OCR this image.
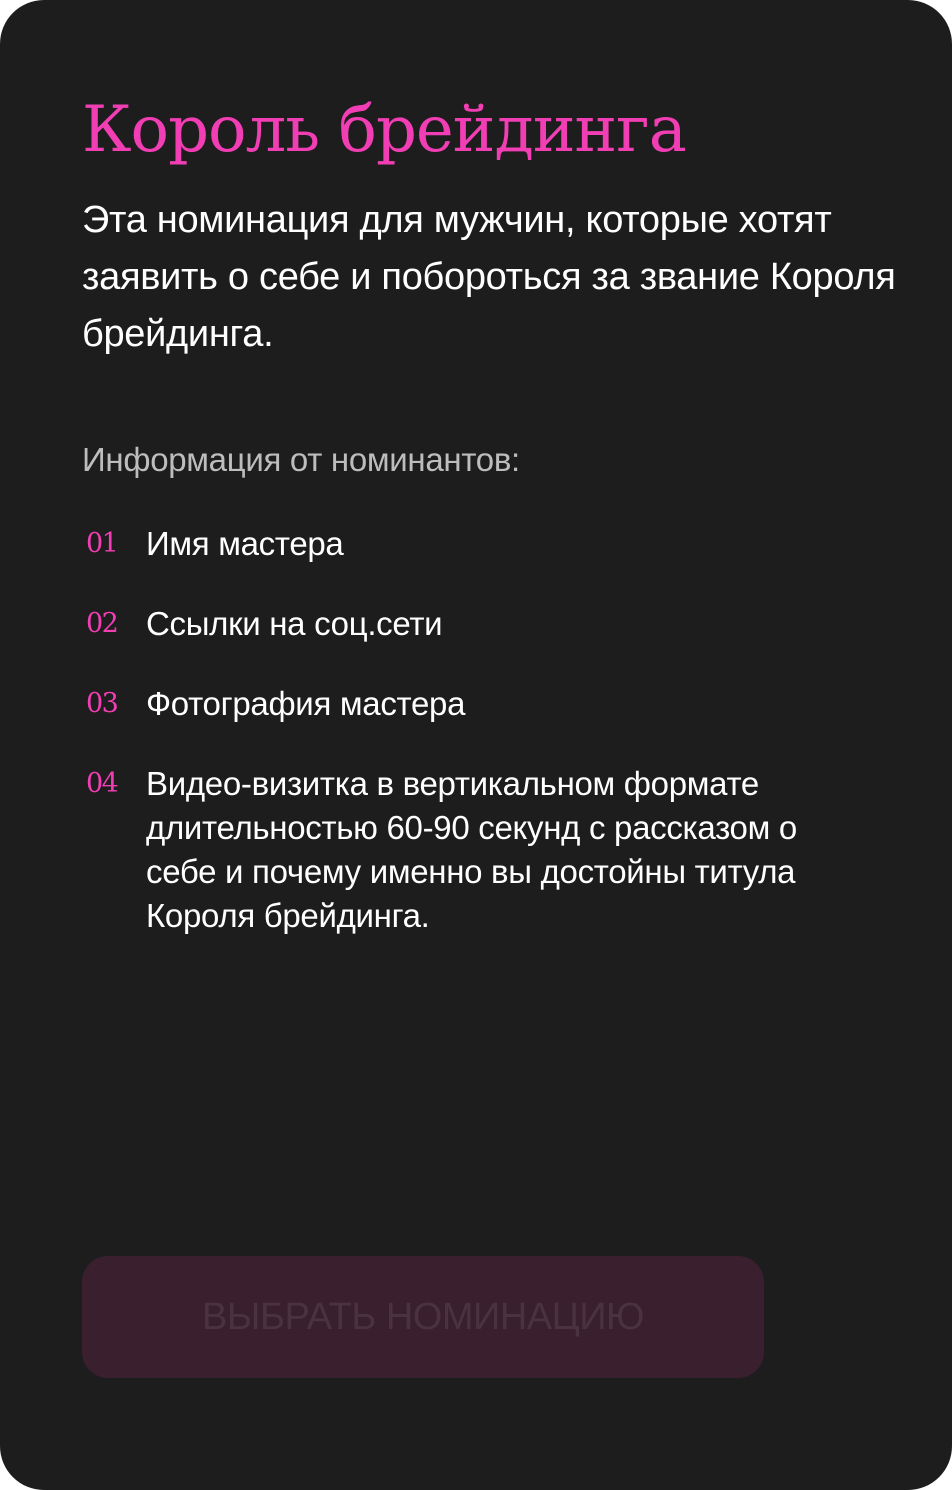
Король брейдинга

Эта номинация для мужчин, которые хотят заявить о себе и побороться за звание Короля брейдинга.

Информация от номинантов:

01 Имя мастера
02 Ссылки на соц.сети
03 Фотография мастера
04 Видео-визитка в вертикальном формате длительностью 60-90 секунд с рассказом о себе и почему именно вы достойны титула Короля брейдинга.
ВЫБРАТЬ НОМИНАЦИЮ
